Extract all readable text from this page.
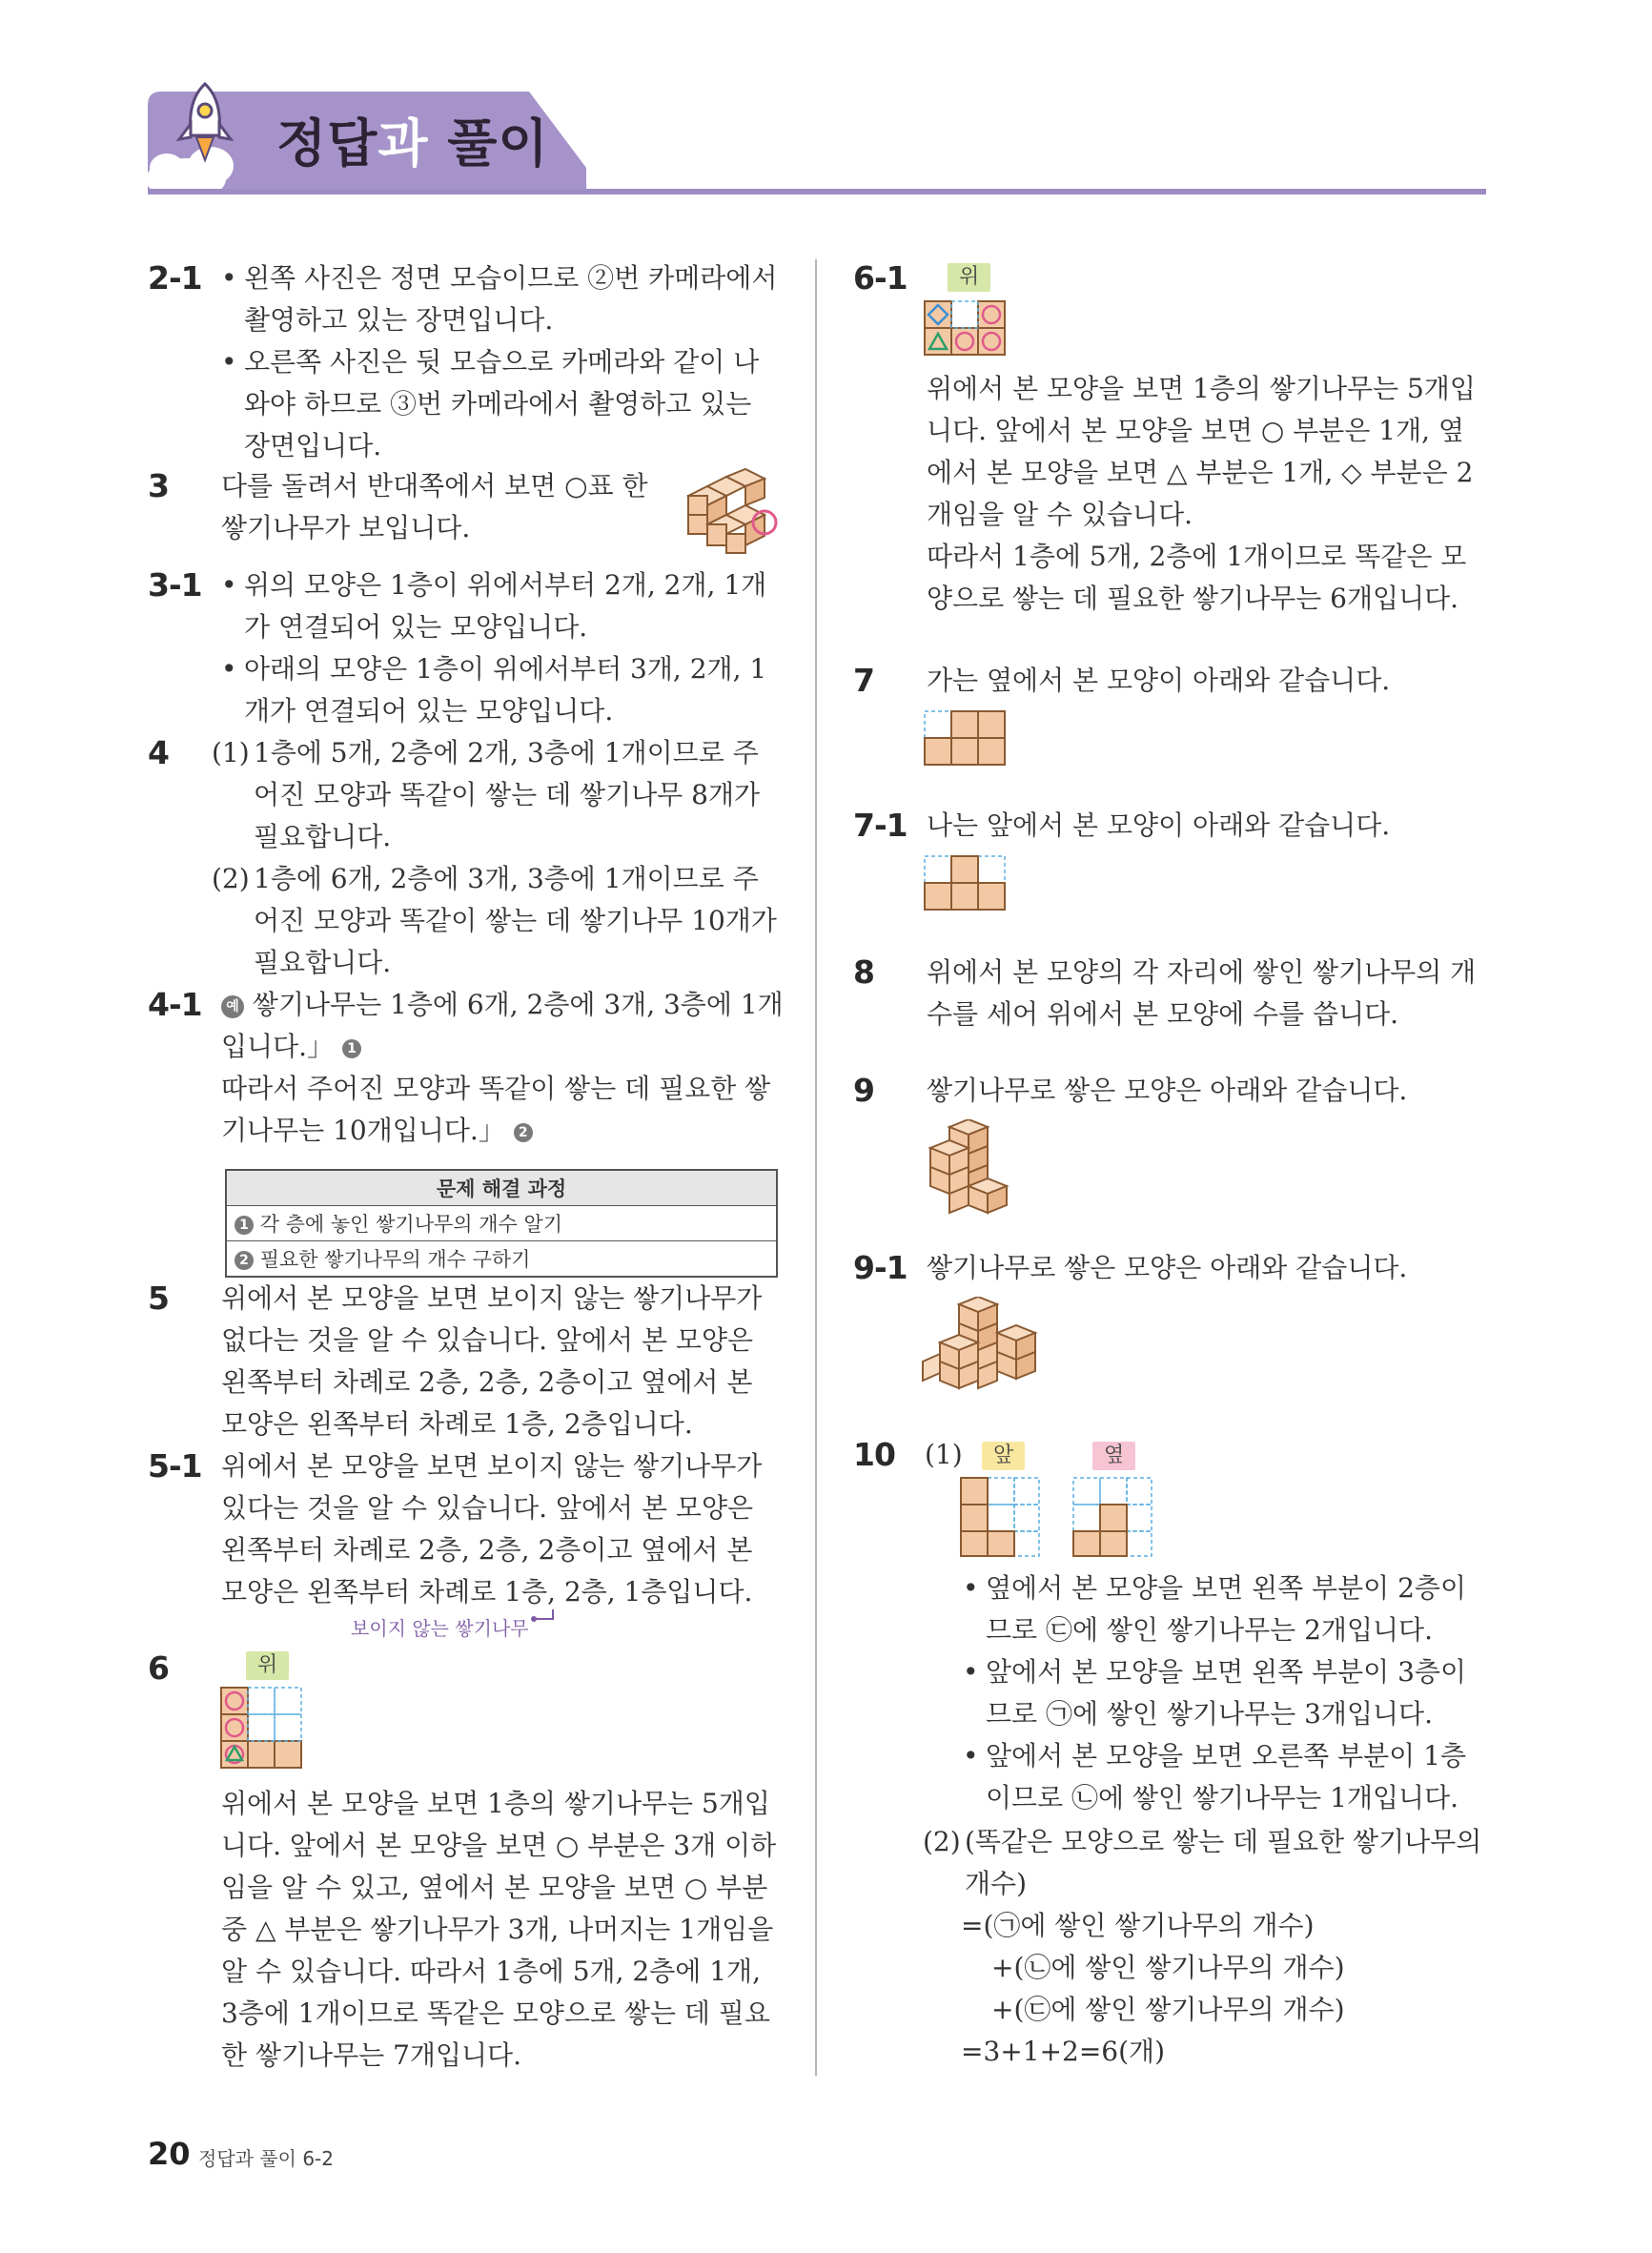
정답과 풀이
2-1 • 왼쪽 사진은 정면 모습이므로 ②번 카메라에서 촬영하고 있는 장면입니다.
• 오른쪽 사진은 뒷 모습으로 카메라와 같이 나와야 하므로 ③번 카메라에서 촬영하고 있는 장면입니다.
3 다를 돌려서 반대쪽에서 보면 ○표 한 쌓기나무가 보입니다.
3-1 • 위의 모양은 1층이 위에서부터 2개, 2개, 1개가 연결되어 있는 모양입니다.
• 아래의 모양은 1층이 위에서부터 3개, 2개, 1개가 연결되어 있는 모양입니다.
4 (1) 1층에 5개, 2층에 2개, 3층에 1개이므로 주어진 모양과 똑같이 쌓는 데 쌓기나무 8개가 필요합니다.
(2) 1층에 6개, 2층에 3개, 3층에 1개이므로 주어진 모양과 똑같이 쌓는 데 쌓기나무 10개가 필요합니다.
4-1	예 쌓기나무는 1층에 6개, 2층에 3개, 3층에 1개입니다.」 1
따라서 주어진 모양과 똑같이 쌓는 데 필요한 쌓기나무는 10개입니다.」 2
문제 해결 과정
1 각 층에 놓인 쌓기나무의 개수 알기
2 필요한 쌓기나무의 개수 구하기
5 위에서 본 모양을 보면 보이지 않는 쌓기나무가 없다는 것을 알 수 있습니다. 앞에서 본 모양은 왼쪽부터 차례로 2층, 2층, 2층이고 옆에서 본 모양은 왼쪽부터 차례로 1층, 2층입니다.
5-1 위에서 본 모양을 보면 보이지 않는 쌓기나무가 있다는 것을 알 수 있습니다. 앞에서 본 모양은 왼쪽부터 차례로 2층, 2층, 2층이고 옆에서 본 모양은 왼쪽부터 차례로 1층, 2층, 1층입니다.
보이지 않는 쌓기나무
6	위
위에서 본 모양을 보면 1층의 쌓기나무는 5개입니다. 앞에서 본 모양을 보면 ○ 부분은 3개 이하임을 알 수 있고, 옆에서 본 모양을 보면 ○ 부분 중 △ 부분은 쌓기나무가 3개, 나머지는 1개임을 알 수 있습니다. 따라서 1층에 5개, 2층에 1개, 3층에 1개이므로 똑같은 모양으로 쌓는 데 필요한 쌓기나무는 7개입니다.
6-1	위
위에서 본 모양을 보면 1층의 쌓기나무는 5개입니다. 앞에서 본 모양을 보면 ○ 부분은 1개, 옆에서 본 모양을 보면 △ 부분은 1개, ◇ 부분은 2개임을 알 수 있습니다.
따라서 1층에 5개, 2층에 1개이므로 똑같은 모양으로 쌓는 데 필요한 쌓기나무는 6개입니다.
7 가는 옆에서 본 모양이 아래와 같습니다.
7-1 나는 앞에서 본 모양이 아래와 같습니다.
8 위에서 본 모양의 각 자리에 쌓인 쌓기나무의 개수를 세어 위에서 본 모양에 수를 씁니다.
9 쌓기나무로 쌓은 모양은 아래와 같습니다.
9-1 쌓기나무로 쌓은 모양은 아래와 같습니다.
10 (1)	앞	옆
• 옆에서 본 모양을 보면 왼쪽 부분이 2층이므로 ㉢에 쌓인 쌓기나무는 2개입니다.
• 앞에서 본 모양을 보면 왼쪽 부분이 3층이므로 ㉠에 쌓인 쌓기나무는 3개입니다.
• 앞에서 본 모양을 보면 오른쪽 부분이 1층이므로 ㉡에 쌓인 쌓기나무는 1개입니다.
(2) (똑같은 모양으로 쌓는 데 필요한 쌓기나무의 개수)
=(㉠에 쌓인 쌓기나무의 개수)
+(㉡에 쌓인 쌓기나무의 개수)
+(㉢에 쌓인 쌓기나무의 개수)
=3+1+2=6(개)
20 정답과 풀이 6-2
